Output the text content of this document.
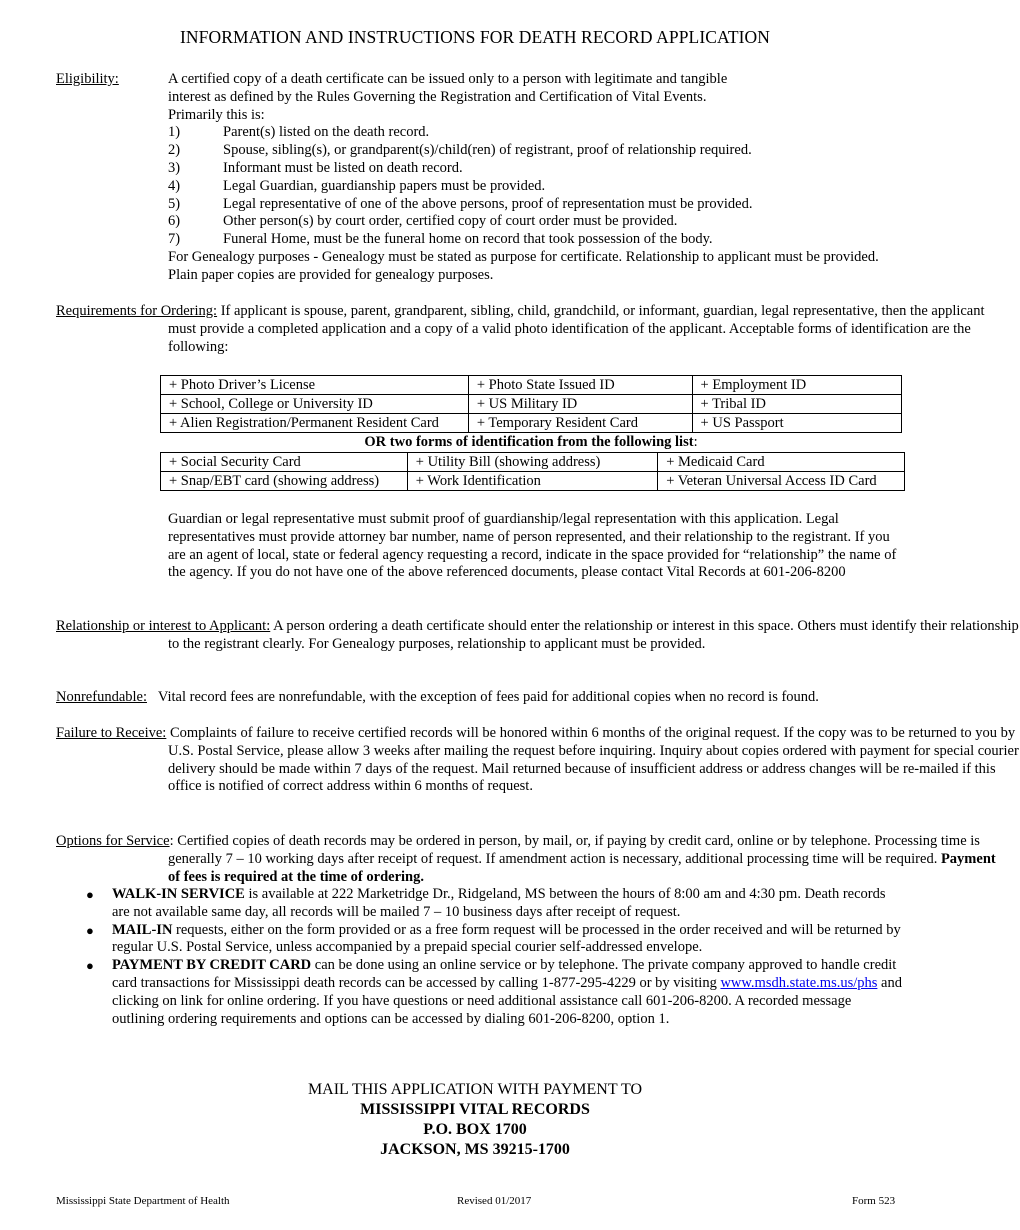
INFORMATION AND INSTRUCTIONS FOR DEATH RECORD APPLICATION
Eligibility:	A certified copy of a death certificate can be issued only to a person with legitimate and tangible
interest as defined by the Rules Governing the Registration and Certification of Vital Events.
Primarily this is:
1)	Parent(s) listed on the death record.
2)	Spouse, sibling(s), or grandparent(s)/child(ren) of registrant, proof of relationship required.
3)	Informant must be listed on death record.
4)	Legal Guardian, guardianship papers must be provided.
5)	Legal representative of one of the above persons, proof of representation must be provided.
6)	Other person(s) by court order, certified copy of court order must be provided.
7)	Funeral Home, must be the funeral home on record that took possession of the body.
For Genealogy purposes - Genealogy must be stated as purpose for certificate. Relationship to applicant must be provided. Plain paper copies are provided for genealogy purposes.
Requirements for Ordering: If applicant is spouse, parent, grandparent, sibling, child, grandchild, or informant, guardian, legal representative, then the applicant must provide a completed application and a copy of a valid photo identification of the applicant. Acceptable forms of identification are the following:
+ Photo Driver’s License	+ Photo State Issued ID	+ Employment ID
+ School, College or University ID	+ US Military ID	+ Tribal ID
+ Alien Registration/Permanent Resident Card	+ Temporary Resident Card	+ US Passport
OR two forms of identification from the following list:
+ Social Security Card	+ Utility Bill (showing address)	+ Medicaid Card
+ Snap/EBT card (showing address)	+ Work Identification	+ Veteran Universal Access ID Card
Guardian or legal representative must submit proof of guardianship/legal representation with this application. Legal representatives must provide attorney bar number, name of person represented, and their relationship to the registrant. If you are an agent of local, state or federal agency requesting a record, indicate in the space provided for “relationship” the name of the agency. If you do not have one of the above referenced documents, please contact Vital Records at 601-206-8200
Relationship or interest to Applicant: A person ordering a death certificate should enter the relationship or interest in this space. Others must identify their relationship to the registrant clearly. For Genealogy purposes, relationship to applicant must be provided.
Nonrefundable: Vital record fees are nonrefundable, with the exception of fees paid for additional copies when no record is found.
Failure to Receive: Complaints of failure to receive certified records will be honored within 6 months of the original request. If the copy was to be returned to you by U.S. Postal Service, please allow 3 weeks after mailing the request before inquiring. Inquiry about copies ordered with payment for special courier delivery should be made within 7 days of the request. Mail returned because of insufficient address or address changes will be re-mailed if this office is notified of correct address within 6 months of request.
Options for Service: Certified copies of death records may be ordered in person, by mail, or, if paying by credit card, online or by telephone. Processing time is generally 7 – 10 working days after receipt of request. If amendment action is necessary, additional processing time will be required. Payment of fees is required at the time of ordering.
● WALK-IN SERVICE is available at 222 Marketridge Dr., Ridgeland, MS between the hours of 8:00 am and 4:30 pm. Death records are not available same day, all records will be mailed 7 – 10 business days after receipt of request.
● MAIL-IN requests, either on the form provided or as a free form request will be processed in the order received and will be returned by regular U.S. Postal Service, unless accompanied by a prepaid special courier self-addressed envelope.
● PAYMENT BY CREDIT CARD can be done using an online service or by telephone. The private company approved to handle credit card transactions for Mississippi death records can be accessed by calling 1-877-295-4229 or by visiting www.msdh.state.ms.us/phs and clicking on link for online ordering. If you have questions or need additional assistance call 601-206-8200. A recorded message outlining ordering requirements and options can be accessed by dialing 601-206-8200, option 1.
MAIL THIS APPLICATION WITH PAYMENT TO
MISSISSIPPI VITAL RECORDS
P.O. BOX 1700
JACKSON, MS 39215-1700
Mississippi State Department of Health	Revised 01/2017	Form 523
